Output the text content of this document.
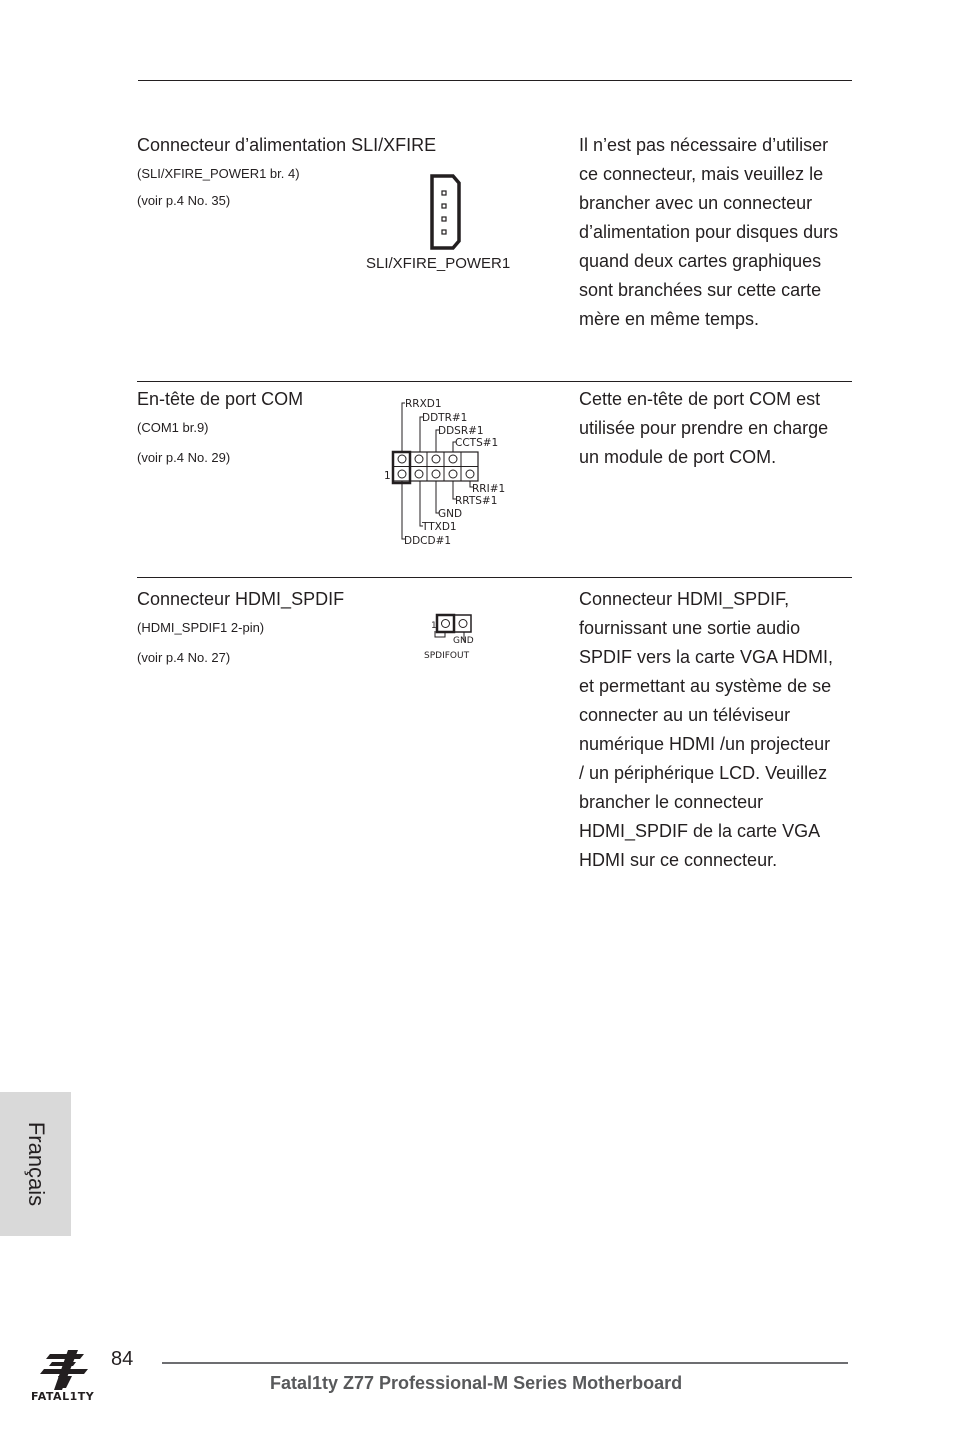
Connecteur d’alimentation SLI/XFIRE
(SLI/XFIRE_POWER1 br. 4)
(voir p.4 No. 35)
SLI/XFIRE_POWER1
Il n’est pas nécessaire d’utiliser
ce connecteur, mais veuillez le
brancher avec un connecteur
d’alimentation pour disques durs
quand deux cartes graphiques
sont branchées sur cette carte
mère en même temps.
En-tête de port COM
(COM1 br.9)
(voir p.4 No. 29)
1
RRXD1
DDTR#1
DDSR#1
CCTS#1
RRI#1
RRTS#1
GND
TTXD1
DDCD#1
Cette en-tête de port COM est
utilisée pour prendre en charge
un module de port COM.
Connecteur HDMI_SPDIF
(HDMI_SPDIF1 2-pin)
(voir p.4 No. 27)
1
GND
SPDIFOUT
Connecteur HDMI_SPDIF,
fournissant une sortie audio
SPDIF vers la carte VGA HDMI,
et permettant au système de se
connecter au un téléviseur
numérique HDMI /un projecteur
/ un périphérique LCD. Veuillez
brancher le connecteur
HDMI_SPDIF de la carte VGA
HDMI sur ce connecteur.
Français
FATAL1TY
84
Fatal1ty Z77 Professional-M Series Motherboard
